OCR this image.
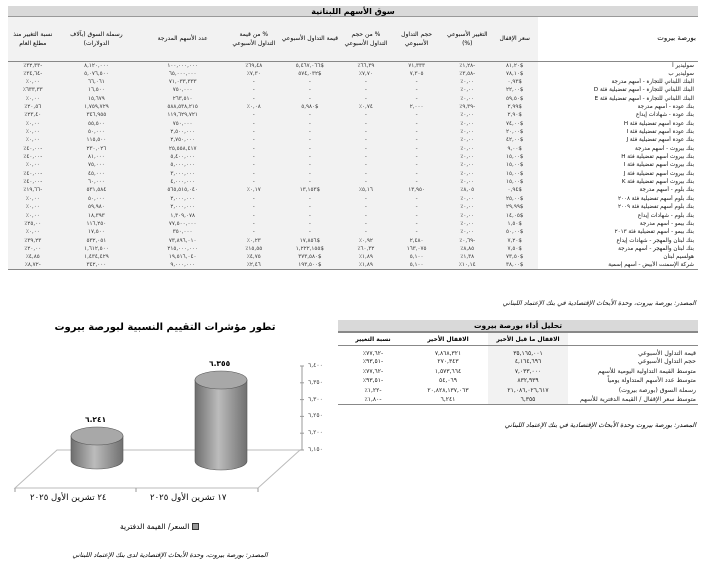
سوق الأسهم اللبنانية
بورصة بيروت	سعر الإقفال	التغيير الأسبوعي (%)	حجم التداول الأسبوعي	% من حجم التداول الأسبوعي	قيمة التداول الأسبوعي	% من قيمة التداول الأسبوعي	عدد الأسهم المدرجة	رسملة السوق (بآلاف الدولارات)	نسبة التغيير منذ مطلع العام
سوليدير أ	$٨١,٢٠	-١,٢٨٪	٧١,٣٣٣	٦٦,٣٩٪	$٥,٤٦٧,٠٦٦	٦٩,٤٨٪	١٠٠,٠٠٠,٠٠٠	٨,١٢٠,٠٠٠	-٣٢,٣٣٪
سوليدير ب	$٧٨,١٠	-٣,٥٨٪	٧,٣٠٥	٧,٧٠٪	$٥٧٤,٠٣٢	٧,٣٠٪	٦٥,٠٠٠,٠٠٠	٥,٠٧٦,٥٠٠	-٣٤,٦٤٪
البنك اللبناني للتجارة - أسهم مدرجة	$٠,٩٣	٠,٠٠٪	-	-	-	-	٧١,٠٣٣,٣٣٣	٦٦,٠٦١	٠,٠٠٪
البنك اللبناني للتجارة - أسهم تفضيلية فئة D	$٢٢,٠٠	٠,٠٠٪	-	-	-	-	٧٥٠,٠٠٠	١٦,٥٠٠	٦٣٣,٣٣٪
البنك اللبناني للتجارة - أسهم تفضيلية فئة E	$٥٩,٥٠	٠,٠٠٪	-	-	-	-	٢٦٣,٥١٠	١٥,٦٧٩	٠,٠٠٪
بنك عودة - أسهم مدرجة	$٢,٩٩	-٩,٣٩٪	٢,٠٠٠	٠,٧٤٪	$٥,٩٨٠	٠,٠٨٪	٥٨٨,٥٣٨,٢١٥	١,٧٥٩,٧٢٩	٢٠,٥٦٪
بنك عودة - شهادات إيداع	$٢,٩٠	٠,٠٠٪	-	-	-	-	١١٩,٦٢٩,٧٢١	٣٤٦,٩٥٥	٢٣,٤٠٪
بنك عودة أسهم تفضيلية فئة H	$٧٤,٠٠	٠,٠٠٪	-	-	-	-	٧٥٠,٠٠٠	٥٥,٥٠٠	٠,٠٠٪
بنك عودة أسهم تفضيلية فئة I	$٢٠,٠٠	٠,٠٠٪	-	-	-	-	٢,٥٠٠,٠٠٠	٥٠,٠٠٠	٠,٠٠٪
بنك عودة أسهم تفضيلية فئة J	$٤٢,٠٠	٠,٠٠٪	-	-	-	-	٢,٧٥٠,٠٠٠	١١٥,٥٠٠	٠,٠٠٪
بنك بيروت - أسهم مدرجة	$٩,٠٠	٠,٠٠٪	-	-	-	-	٢٥,٥٥٨,٤١٧	٢٣٠,٠٢٦	-٤٠,٠٠٪
بنك بيروت أسهم تفضيلية فئة H	$١٥,٠٠	٠,٠٠٪	-	-	-	-	٥,٤٠٠,٠٠٠	٨١,٠٠٠	-٤٠,٠٠٪
بنك بيروت أسهم تفضيلية فئة I	$١٥,٠٠	٠,٠٠٪	-	-	-	-	٥,٠٠٠,٠٠٠	٧٥,٠٠٠	٠,٠٠٪
بنك بيروت أسهم تفضيلية فئة J	$١٥,٠٠	٠,٠٠٪	-	-	-	-	٣,٠٠٠,٠٠٠	٤٥,٠٠٠	-٤٠,٠٠٪
بنك بيروت أسهم تفضيلية فئة K	$١٥,٠٠	٠,٠٠٪	-	-	-	-	٤,٠٠٠,٠٠٠	٦٠,٠٠٠	-٤٠,٠٠٪
بنك بلوم - أسهم مدرجة	$٠,٩٤	٨,٠٥٪	١٣,٩٥٠	٥,١٦٪	$١٣,١٥٣	٠,١٧٪	٥٦٥,٥١٥,٠٤٠	٥٣١,٥٨٤	-١٩,٦٦٪
بنك بلوم أسهم تفضيلية فئة ٢٠٠٨	$٢٥,٠٠	٠,٠٠٪	-	-	-	-	٢,٠٠٠,٠٠٠	٥٠,٠٠٠	٠,٠٠٪
بنك بلوم أسهم تفضيلية فئة ٢٠٠٩	$٢٩,٩٩	٠,٠٠٪	-	-	-	-	٢,٠٠٠,٠٠٠	٥٩,٩٨٠	٠,٠٠٪
بنك بلوم - شهادات إيداع	$١٤,٠٥	٠,٠٠٪	-	-	-	-	١,٣٠٩,٠٧٨	١٨,٣٩٣	٠,٠٠٪
بنك بيمو - أسهم مدرجة	$١,٥٠	٠,٠٠٪	-	-	-	-	٧٧,٥٠٠,٠٠٠	١١٦,٢٥٠	٢٥,٠٠٪
بنك بيمو - أسهم تفضيلية فئة ٢٠١٣	$٥٠,٠٠	٠,٠٠٪	-	-	-	-	٣٥٠,٠٠٠	١٧,٥٠٠	٠,٠٠٪
بنك لبنان والمهجر - شهادات إيداع	$٧,٢٠	-٠,٦٩٪	٢,٤٨٠	٠,٩٢٪	$١٧,٨٥٦	٠,٢٣٪	٧٣,٨٩٦,٠١٠	٥٣٢,٠٥١	٣٩,٢٣٪
بنك لبنان والمهجر - أسهم مدرجة	$٧,٥٠	٨,٨٥٪	١٦٣,٠٧٥	٦٠,٣٢٪	$١,٢٢٢,١٥٥	١٥,٥٥٪	٢١٥,٠٠٠,٠٠٠	١,٦١٢,٥٠٠	٢٠,٠٠٪
هولسيم لبنان	$٧٣,٥٠	١,٣٨٪	٥,١٠٠	١,٨٩٪	$٣٧٣,٥٨٠	٤,٧٥٪	١٩,٥١٦,٠٤٠	١,٤٣٤,٤٢٩	٤,٨٥٪
شركة الإسمنت الأبيض - أسهم إسمية	$٣٨,٠٠	١٠,١٤٪	٥,١٠٠	١,٨٩٪	$١٩٣,٥٠٠	٢,٤٦٪	٩,٠٠٠,٠٠٠	٣٤٢,٠٠٠	-٨,٧٢٪
المصدر: بورصة بيروت، وحدة الأبحاث الإقتصادية في بنك الإعتماد اللبناني
تحليل أداء بورصة بيروت
	الاقفال ما قبل الأخير	الاقفال الأخير	نسبة التغيير
قيمة التداول الأسبوعي	٣٥,١٦٥,٠٠١	٧,٨٦٨,٣٢١	-٧٧,٦٢٪
حجم التداول الأسبوعي	٤,١٦٤,٦٩٦	٢٧٠,٣٤٣	-٩٣,٥١٪
متوسط القيمة التداولية اليومية للأسهم	٧,٠٣٣,٠٠٠	١,٥٧٣,٦٦٤	-٧٧,٦٢٪
متوسط عدد الأسهم المتداولة يومياً	٨٣٢,٩٣٩	٥٤,٠٦٩	-٩٣,٥١٪
رسملة السوق (بورصة بيروت)	٢١,٠٨٦,٠٢٦,٦١٧	٢٠,٨٢٨,١٣٧,٠٦٣	-١,٢٢٪
متوسط سعر الإقفال / القيمة الدفترية للأسهم	٦,٣٥٥	٦,٢٤١	-١,٨٠٪
المصدر: بورصة بيروت وحدة الأبحاث الإقتصادية في بنك الإعتماد اللبناني
تطور مؤشرات التقييم النسبية لبورصة بيروت
٦,١٥٠
٦,٢٠٠
٦,٢٥٠
٦,٣٠٠
٦,٣٥٠
٦,٤٠٠
٦.٣٥٥
١٧ تشرين الأول ٢٠٢٥
٦.٢٤١
٢٤ تشرين الأول ٢٠٢٥
السعر/ القيمة الدفترية
المصدر: بورصة بيروت، وحدة الأبحاث الإقتصادية لدى بنك الإعتماد اللبناني
